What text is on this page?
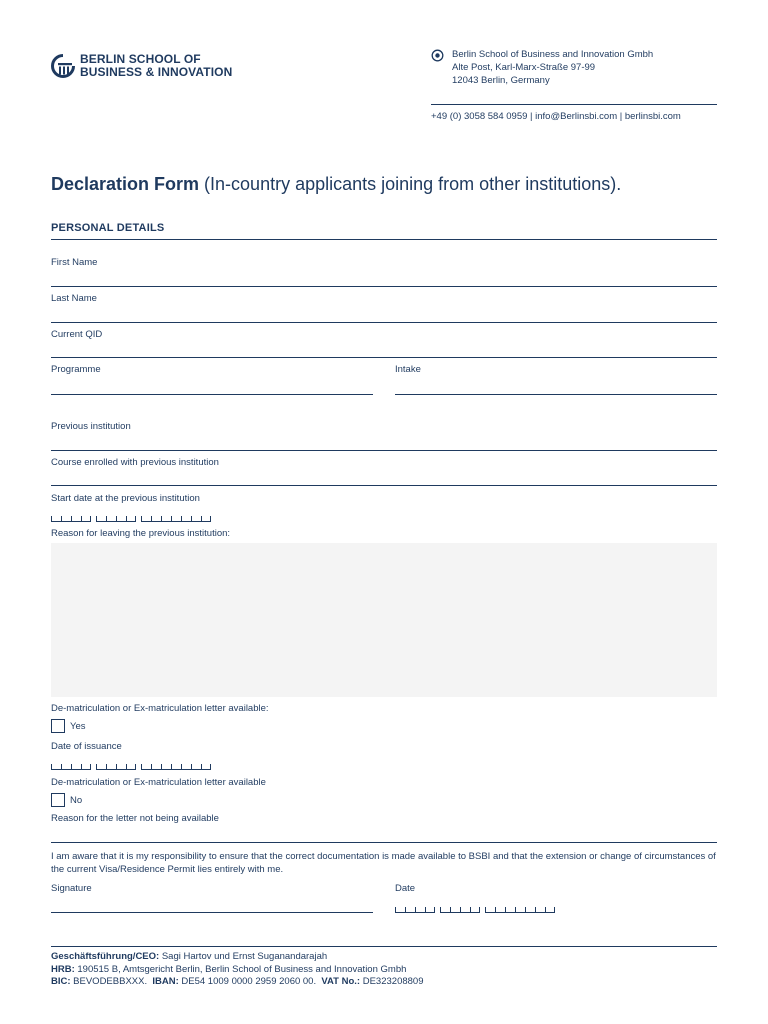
BERLIN SCHOOL OF
BUSINESS & INNOVATION
Berlin School of Business and Innovation Gmbh
Alte Post, Karl-Marx-Straße 97-99
12043 Berlin, Germany
+49 (0) 3058 584 0959 | info@Berlinsbi.com | berlinsbi.com
Declaration Form (In-country applicants joining from other institutions).
PERSONAL DETAILS
First Name
Last Name
Current QID
Programme	Intake
Previous institution
Course enrolled with previous institution
Start date at the previous institution
Reason for leaving the previous institution:
De-matriculation or Ex-matriculation letter available:
Yes
Date of issuance
De-matriculation or Ex-matriculation letter available
No
Reason for the letter not being available
I am aware that it is my responsibility to ensure that the correct documentation is made available to BSBI and that the extension or change of circumstances of the current Visa/Residence Permit lies entirely with me.
Signature	Date
Geschäftsführung/CEO: Sagi Hartov und Ernst Suganandarajah
HRB: 190515 B, Amtsgericht Berlin, Berlin School of Business and Innovation Gmbh
BIC: BEVODEBBXXX.  IBAN: DE54 1009 0000 2959 2060 00.  VAT No.: DE323208809
